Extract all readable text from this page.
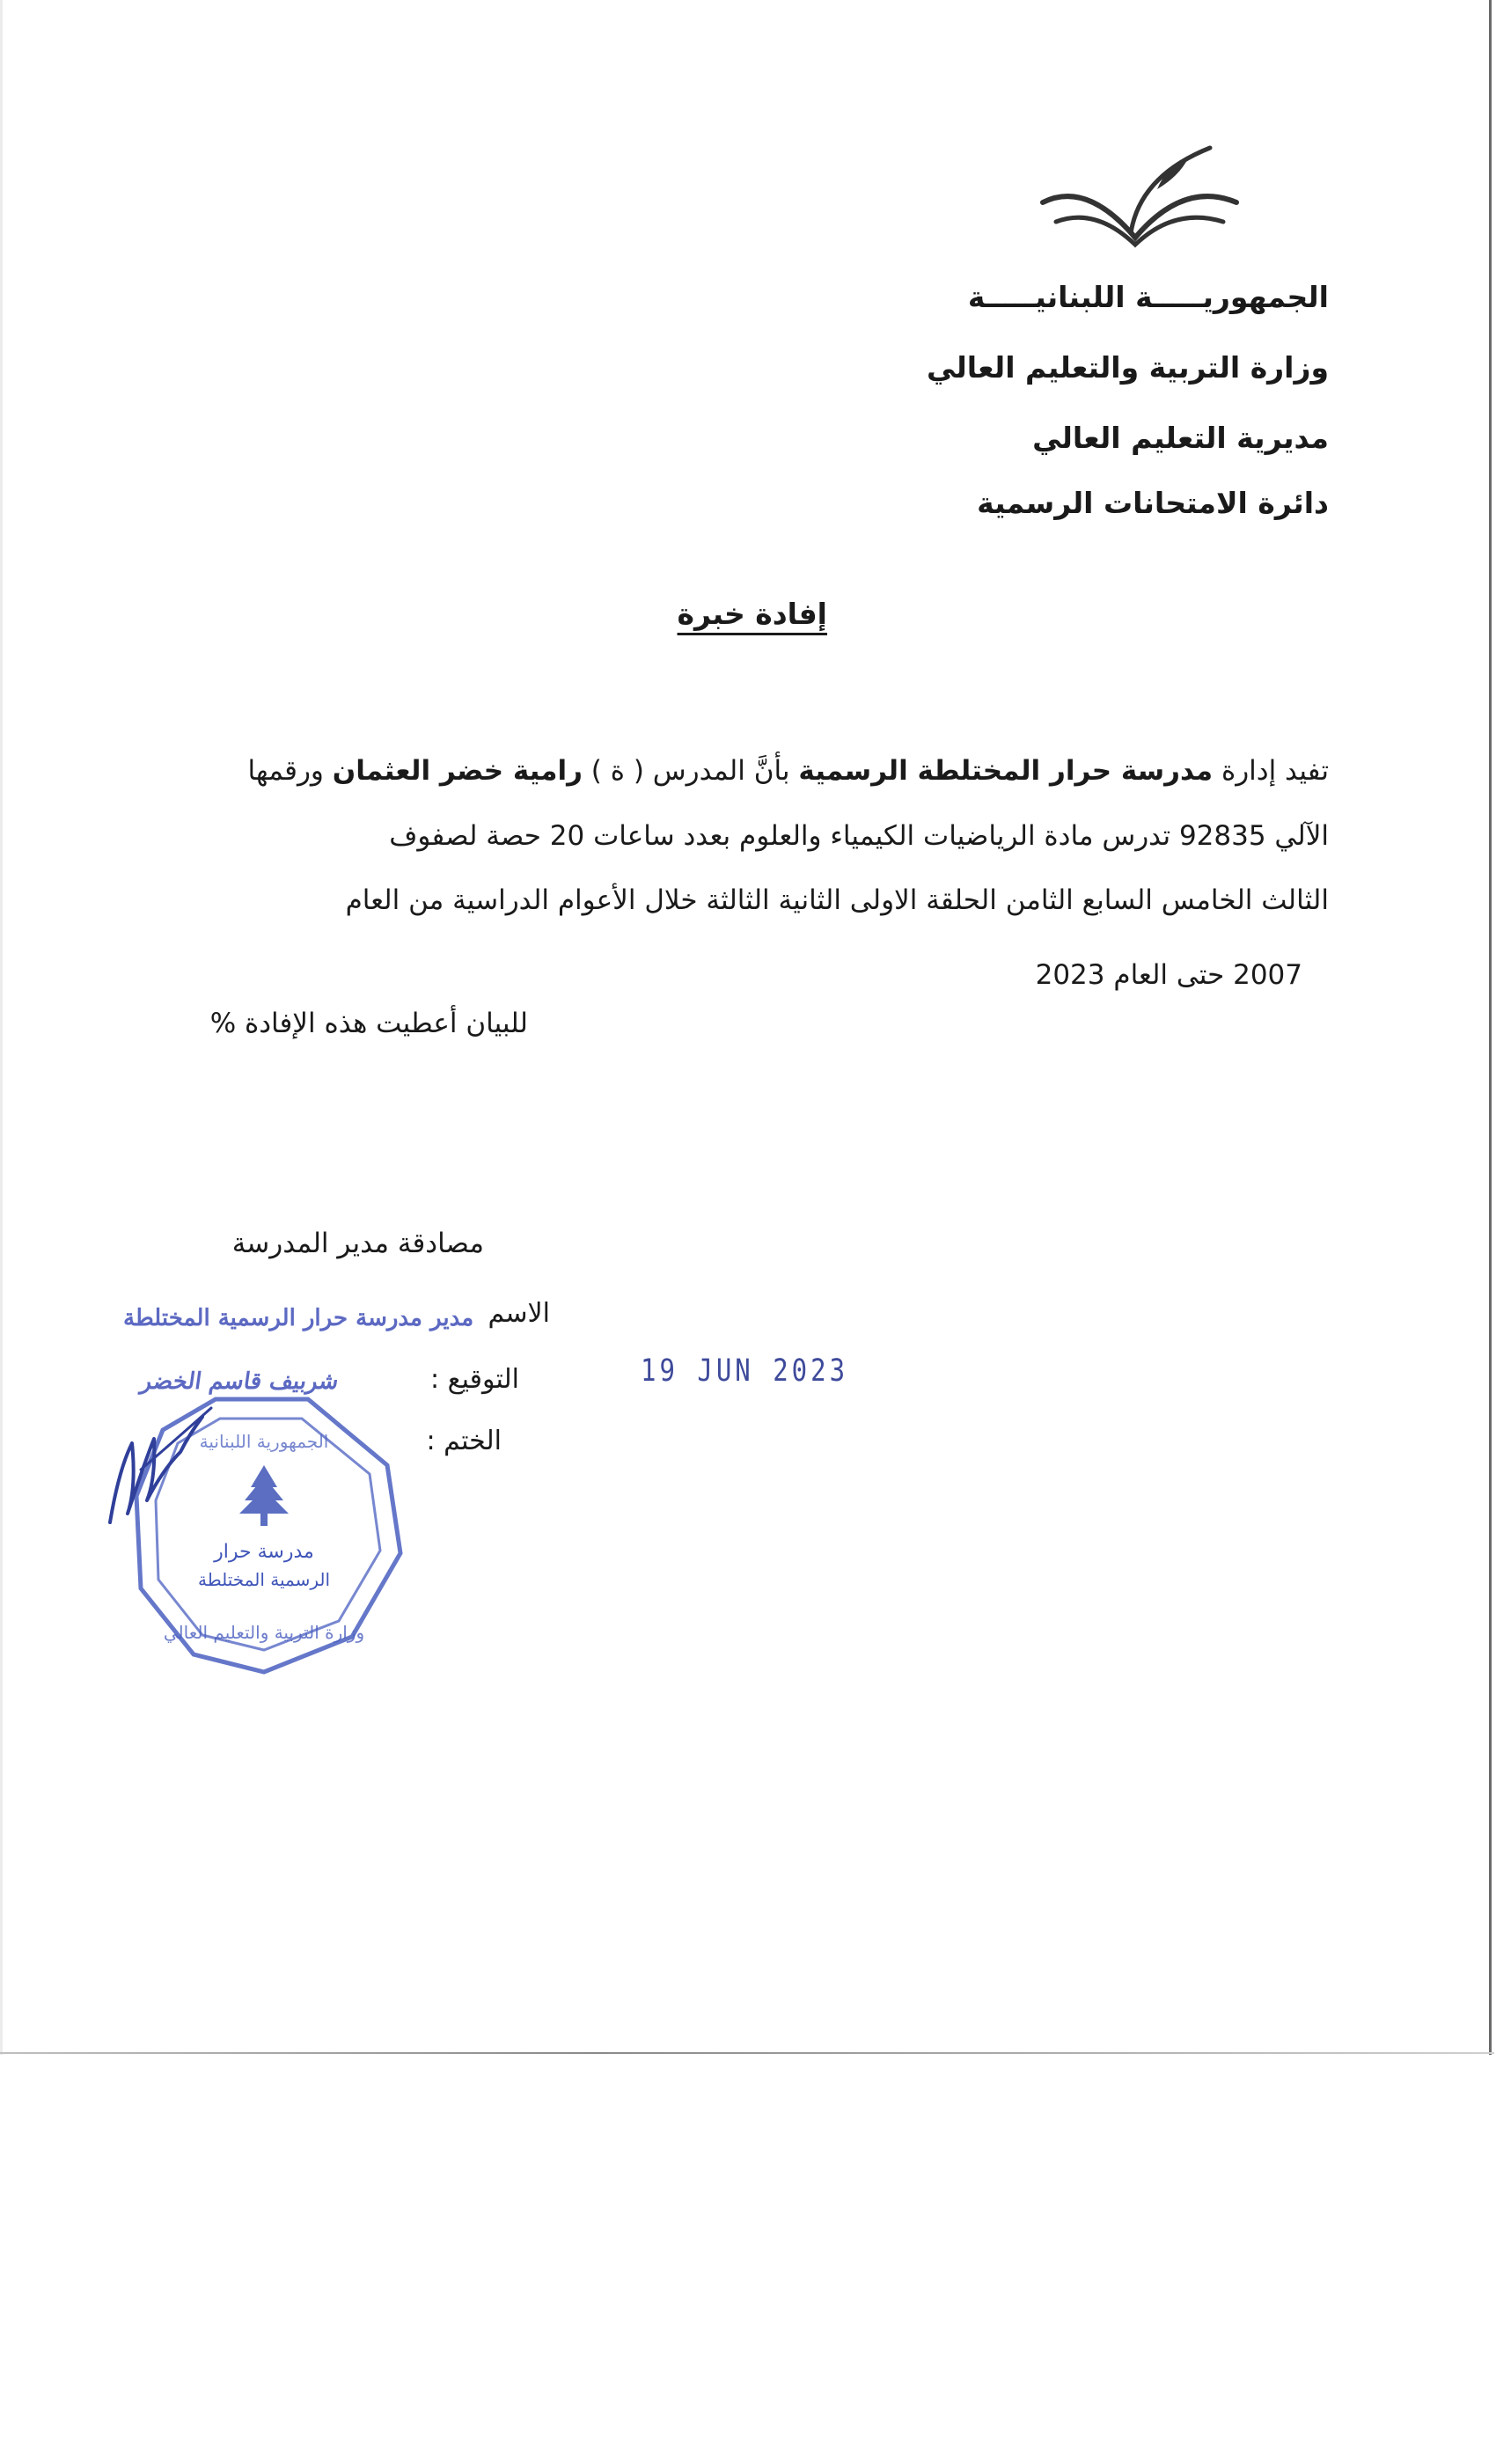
الجمهوريـــــة اللبنانيـــــة
وزارة التربية والتعليم العالي
مديرية التعليم العالي
دائرة الامتحانات الرسمية
إفادة خبرة
تفيد إدارة مدرسة حرار المختلطة الرسمية بأنَّ المدرس ( ة ) رامية خضر العثمان ورقمها
الآلي 92835 تدرس مادة الرياضيات الكيمياء والعلوم بعدد ساعات 20 حصة لصفوف
الثالث الخامس السابع الثامن الحلقة الاولى الثانية الثالثة خلال الأعوام الدراسية من العام
2007 حتى العام 2023
للبيان أعطيت هذه الإفادة %
مصادقة مدير المدرسة
الاسم
التوقيع :
الختم :
مدير مدرسة حرار الرسمية المختلطة
شربيف قاسم الخضر	19 JUN 2023
مدرسة حرار
الرسمية المختلطة
الجمهورية اللبنانية
وزارة التربية والتعليم العالي
